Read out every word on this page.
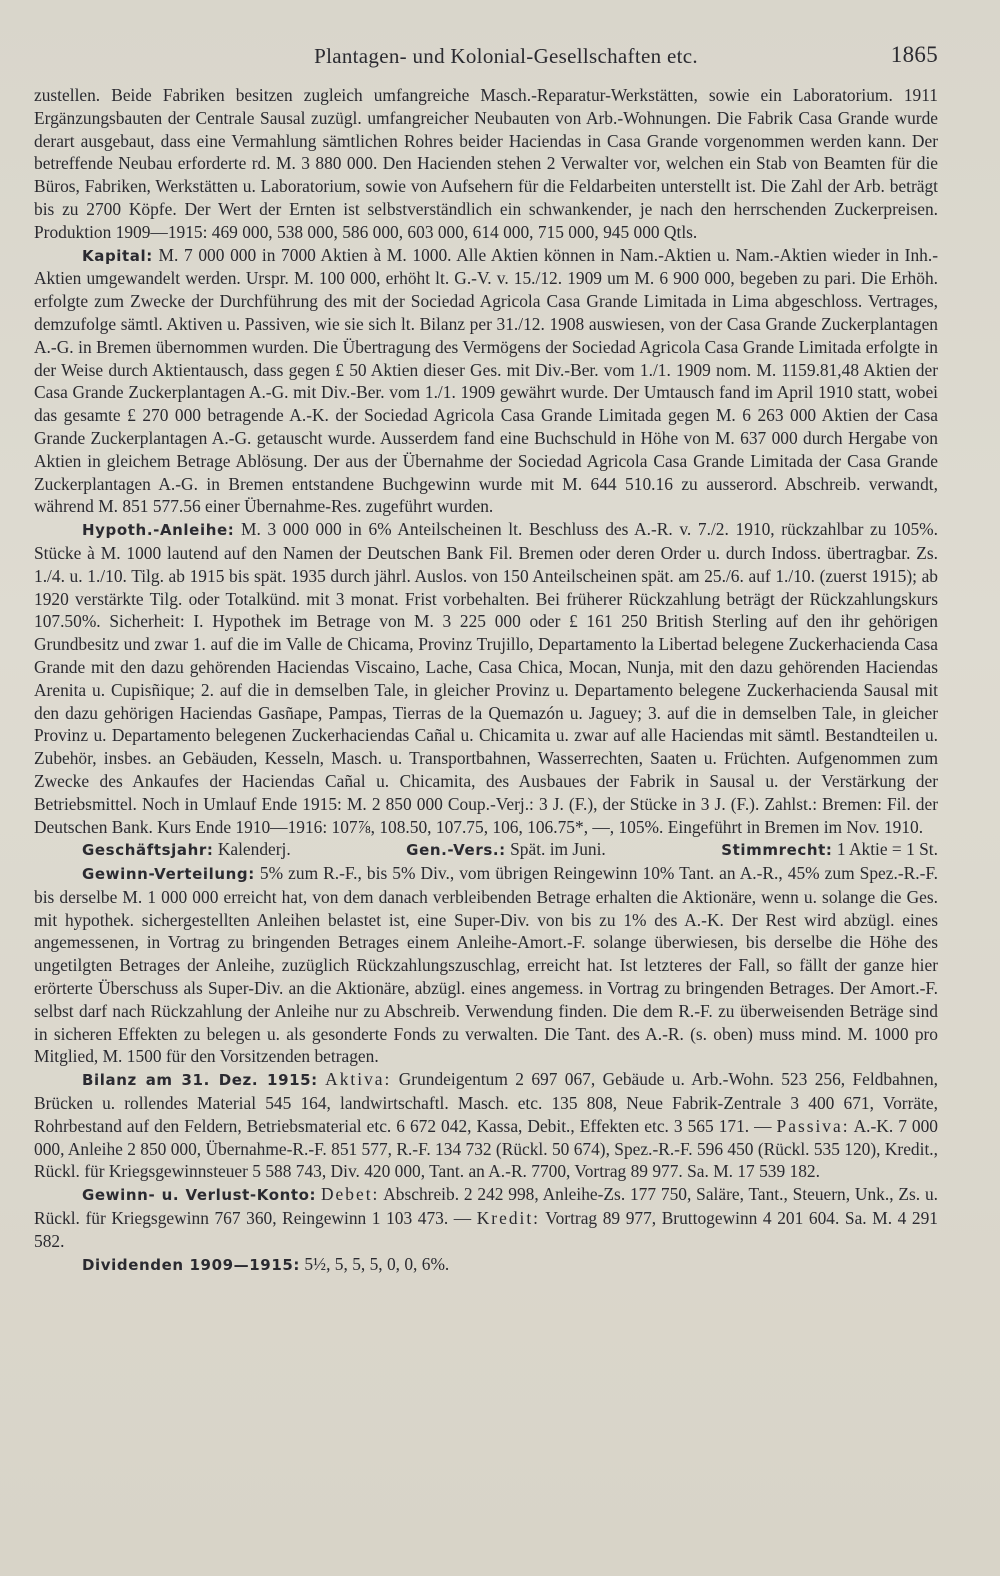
Plantagen- und Kolonial-Gesellschaften etc.	1865

zustellen. Beide Fabriken besitzen zugleich umfangreiche Masch.-Reparatur-Werkstätten, sowie ein Laboratorium. 1911 Ergänzungsbauten der Centrale Sausal zuzügl. umfangreicher Neubauten von Arb.-Wohnungen. Die Fabrik Casa Grande wurde derart ausgebaut, dass eine Vermahlung sämtlichen Rohres beider Haciendas in Casa Grande vorgenommen werden kann. Der betreffende Neubau erforderte rd. M. 3 880 000. Den Hacienden stehen 2 Verwalter vor, welchen ein Stab von Beamten für die Büros, Fabriken, Werkstätten u. Laboratorium, sowie von Aufsehern für die Feldarbeiten unterstellt ist. Die Zahl der Arb. beträgt bis zu 2700 Köpfe. Der Wert der Ernten ist selbstverständlich ein schwankender, je nach den herrschenden Zuckerpreisen. Produktion 1909—1915: 469 000, 538 000, 586 000, 603 000, 614 000, 715 000, 945 000 Qtls.

Kapital: M. 7 000 000 in 7000 Aktien à M. 1000. Alle Aktien können in Nam.-Aktien u. Nam.-Aktien wieder in Inh.-Aktien umgewandelt werden. Urspr. M. 100 000, erhöht lt. G.-V. v. 15./12. 1909 um M. 6 900 000, begeben zu pari. Die Erhöh. erfolgte zum Zwecke der Durchführung des mit der Sociedad Agricola Casa Grande Limitada in Lima abgeschloss. Vertrages, demzufolge sämtl. Aktiven u. Passiven, wie sie sich lt. Bilanz per 31./12. 1908 auswiesen, von der Casa Grande Zuckerplantagen A.-G. in Bremen übernommen wurden. Die Übertragung des Vermögens der Sociedad Agricola Casa Grande Limitada erfolgte in der Weise durch Aktientausch, dass gegen £ 50 Aktien dieser Ges. mit Div.-Ber. vom 1./1. 1909 nom. M. 1159.81,48 Aktien der Casa Grande Zuckerplantagen A.-G. mit Div.-Ber. vom 1./1. 1909 gewährt wurde. Der Umtausch fand im April 1910 statt, wobei das gesamte £ 270 000 betragende A.-K. der Sociedad Agricola Casa Grande Limitada gegen M. 6 263 000 Aktien der Casa Grande Zuckerplantagen A.-G. getauscht wurde. Ausserdem fand eine Buchschuld in Höhe von M. 637 000 durch Hergabe von Aktien in gleichem Betrage Ablösung. Der aus der Übernahme der Sociedad Agricola Casa Grande Limitada der Casa Grande Zuckerplantagen A.-G. in Bremen entstandene Buchgewinn wurde mit M. 644 510.16 zu ausserord. Abschreib. verwandt, während M. 851 577.56 einer Übernahme-Res. zugeführt wurden.

Hypoth.-Anleihe: M. 3 000 000 in 6% Anteilscheinen lt. Beschluss des A.-R. v. 7./2. 1910, rückzahlbar zu 105%. Stücke à M. 1000 lautend auf den Namen der Deutschen Bank Fil. Bremen oder deren Order u. durch Indoss. übertragbar. Zs. 1./4. u. 1./10. Tilg. ab 1915 bis spät. 1935 durch jährl. Auslos. von 150 Anteilscheinen spät. am 25./6. auf 1./10. (zuerst 1915); ab 1920 verstärkte Tilg. oder Totalkünd. mit 3 monat. Frist vorbehalten. Bei früherer Rückzahlung beträgt der Rückzahlungskurs 107.50%. Sicherheit: I. Hypothek im Betrage von M. 3 225 000 oder £ 161 250 British Sterling auf den ihr gehörigen Grundbesitz und zwar 1. auf die im Valle de Chicama, Provinz Trujillo, Departamento la Libertad belegene Zuckerhacienda Casa Grande mit den dazu gehörenden Haciendas Viscaino, Lache, Casa Chica, Mocan, Nunja, mit den dazu gehörenden Haciendas Arenita u. Cupisñique; 2. auf die in demselben Tale, in gleicher Provinz u. Departamento belegene Zuckerhacienda Sausal mit den dazu gehörigen Haciendas Gasñape, Pampas, Tierras de la Quemazón u. Jaguey; 3. auf die in demselben Tale, in gleicher Provinz u. Departamento belegenen Zuckerhaciendas Cañal u. Chicamita u. zwar auf alle Haciendas mit sämtl. Bestandteilen u. Zubehör, insbes. an Gebäuden, Kesseln, Masch. u. Transportbahnen, Wasserrechten, Saaten u. Früchten. Aufgenommen zum Zwecke des Ankaufes der Haciendas Cañal u. Chicamita, des Ausbaues der Fabrik in Sausal u. der Verstärkung der Betriebsmittel. Noch in Umlauf Ende 1915: M. 2 850 000 Coup.-Verj.: 3 J. (F.), der Stücke in 3 J. (F.). Zahlst.: Bremen: Fil. der Deutschen Bank. Kurs Ende 1910—1916: 107⅞, 108.50, 107.75, 106, 106.75*, —, 105%. Eingeführt in Bremen im Nov. 1910.

Geschäftsjahr: Kalenderj.	Gen.-Vers.: Spät. im Juni.	Stimmrecht: 1 Aktie = 1 St.

Gewinn-Verteilung: 5% zum R.-F., bis 5% Div., vom übrigen Reingewinn 10% Tant. an A.-R., 45% zum Spez.-R.-F. bis derselbe M. 1 000 000 erreicht hat, von dem danach verbleibenden Betrage erhalten die Aktionäre, wenn u. solange die Ges. mit hypothek. sichergestellten Anleihen belastet ist, eine Super-Div. von bis zu 1% des A.-K. Der Rest wird abzügl. eines angemessenen, in Vortrag zu bringenden Betrages einem Anleihe-Amort.-F. solange überwiesen, bis derselbe die Höhe des ungetilgten Betrages der Anleihe, zuzüglich Rückzahlungszuschlag, erreicht hat. Ist letzteres der Fall, so fällt der ganze hier erörterte Überschuss als Super-Div. an die Aktionäre, abzügl. eines angemess. in Vortrag zu bringenden Betrages. Der Amort.-F. selbst darf nach Rückzahlung der Anleihe nur zu Abschreib. Verwendung finden. Die dem R.-F. zu überweisenden Beträge sind in sicheren Effekten zu belegen u. als gesonderte Fonds zu verwalten. Die Tant. des A.-R. (s. oben) muss mind. M. 1000 pro Mitglied, M. 1500 für den Vorsitzenden betragen.

Bilanz am 31. Dez. 1915: Aktiva: Grundeigentum 2 697 067, Gebäude u. Arb.-Wohn. 523 256, Feldbahnen, Brücken u. rollendes Material 545 164, landwirtschaftl. Masch. etc. 135 808, Neue Fabrik-Zentrale 3 400 671, Vorräte, Rohrbestand auf den Feldern, Betriebsmaterial etc. 6 672 042, Kassa, Debit., Effekten etc. 3 565 171. — Passiva: A.-K. 7 000 000, Anleihe 2 850 000, Übernahme-R.-F. 851 577, R.-F. 134 732 (Rückl. 50 674), Spez.-R.-F. 596 450 (Rückl. 535 120), Kredit., Rückl. für Kriegsgewinnsteuer 5 588 743, Div. 420 000, Tant. an A.-R. 7700, Vortrag 89 977. Sa. M. 17 539 182.

Gewinn- u. Verlust-Konto: Debet: Abschreib. 2 242 998, Anleihe-Zs. 177 750, Saläre, Tant., Steuern, Unk., Zs. u. Rückl. für Kriegsgewinn 767 360, Reingewinn 1 103 473. — Kredit: Vortrag 89 977, Bruttogewinn 4 201 604. Sa. M. 4 291 582.

Dividenden 1909—1915: 5½, 5, 5, 5, 0, 0, 6%.
